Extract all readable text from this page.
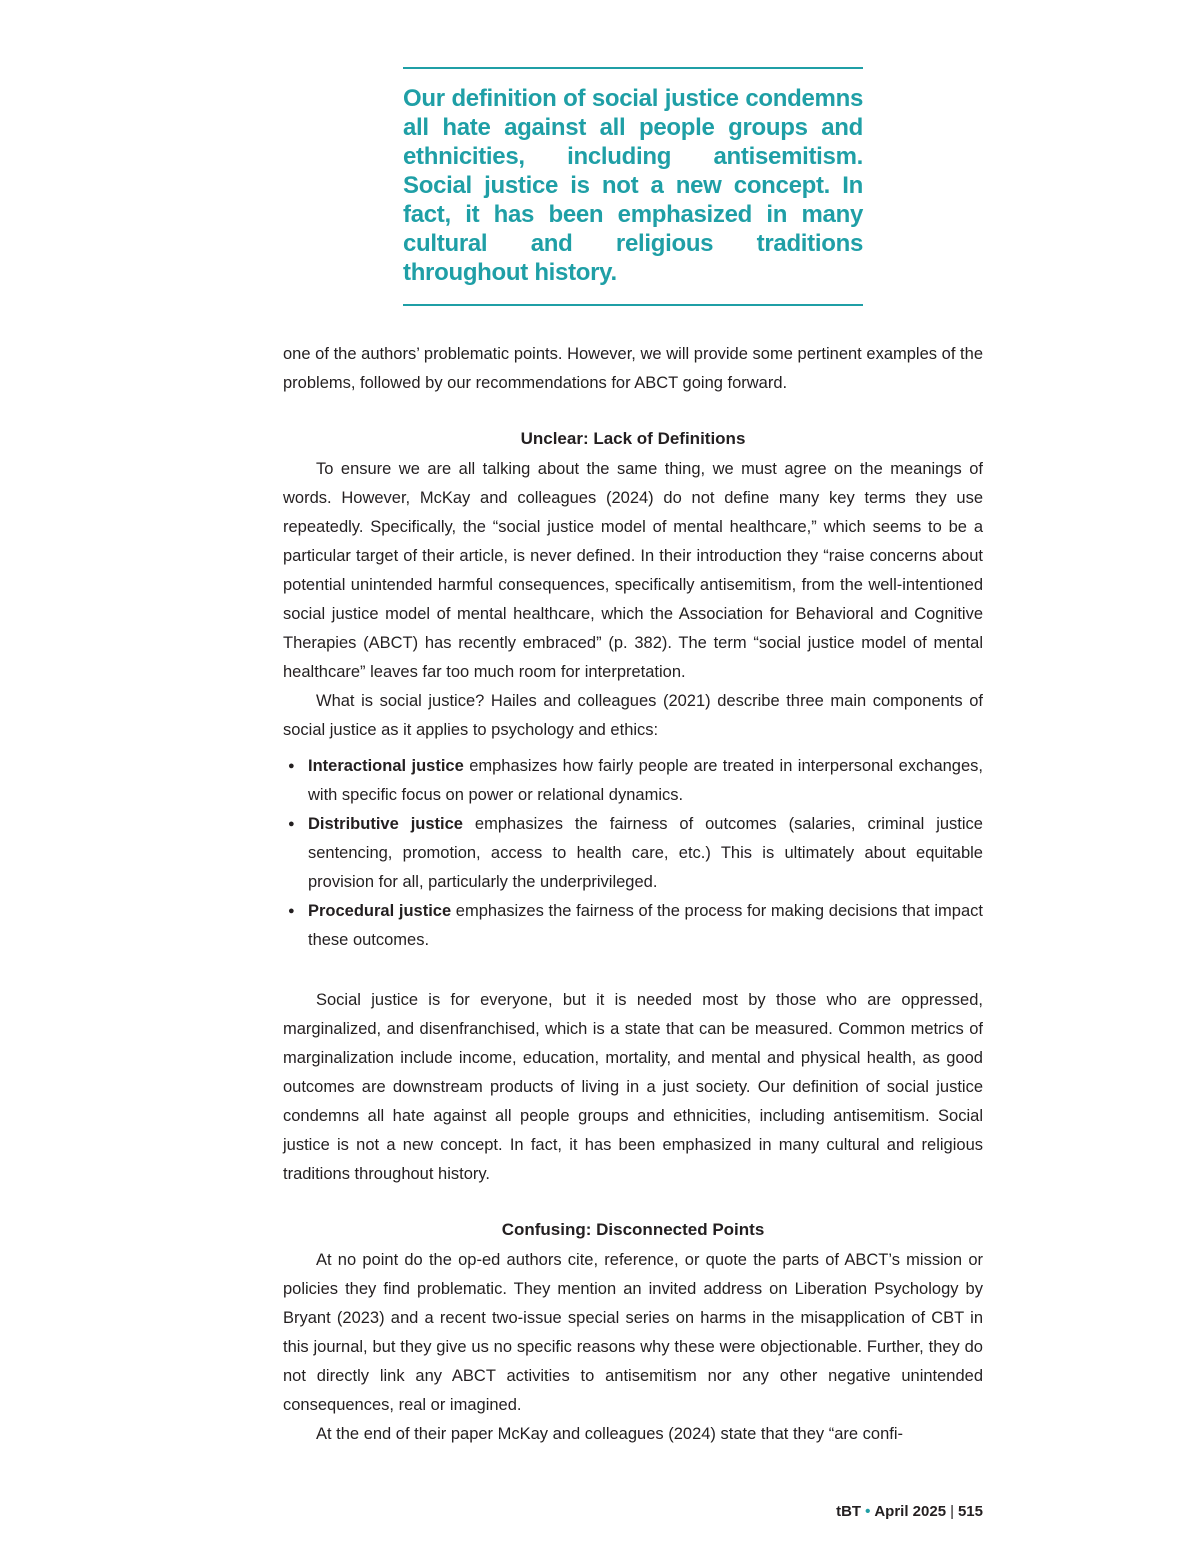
Our definition of social justice condemns all hate against all people groups and ethnicities, including antisemitism. Social justice is not a new concept. In fact, it has been emphasized in many cultural and religious traditions throughout history.

one of the authors’ problematic points. However, we will provide some pertinent examples of the problems, followed by our recommendations for ABCT going forward.

Unclear: Lack of Definitions

To ensure we are all talking about the same thing, we must agree on the meanings of words. However, McKay and colleagues (2024) do not define many key terms they use repeatedly. Specifically, the “social justice model of mental healthcare,” which seems to be a particular target of their article, is never defined. In their introduction they “raise concerns about potential unintended harmful consequences, specifically antisemitism, from the well-intentioned social justice model of mental healthcare, which the Association for Behavioral and Cognitive Therapies (ABCT) has recently embraced” (p. 382). The term “social justice model of mental healthcare” leaves far too much room for interpretation.

What is social justice? Hailes and colleagues (2021) describe three main components of social justice as it applies to psychology and ethics:

● Interactional justice emphasizes how fairly people are treated in interpersonal exchanges, with specific focus on power or relational dynamics.
● Distributive justice emphasizes the fairness of outcomes (salaries, criminal justice sentencing, promotion, access to health care, etc.) This is ultimately about equitable provision for all, particularly the underprivileged.
● Procedural justice emphasizes the fairness of the process for making decisions that impact these outcomes.

Social justice is for everyone, but it is needed most by those who are oppressed, marginalized, and disenfranchised, which is a state that can be measured. Common metrics of marginalization include income, education, mortality, and mental and physical health, as good outcomes are downstream products of living in a just society. Our definition of social justice condemns all hate against all people groups and ethnicities, including antisemitism. Social justice is not a new concept. In fact, it has been emphasized in many cultural and religious traditions throughout history.

Confusing: Disconnected Points

At no point do the op-ed authors cite, reference, or quote the parts of ABCT’s mission or policies they find problematic. They mention an invited address on Liberation Psychology by Bryant (2023) and a recent two-issue special series on harms in the misapplication of CBT in this journal, but they give us no specific reasons why these were objectionable. Further, they do not directly link any ABCT activities to antisemitism nor any other negative unintended consequences, real or imagined.

At the end of their paper McKay and colleagues (2024) state that they “are confi-

tBT • April 2025 | 515
